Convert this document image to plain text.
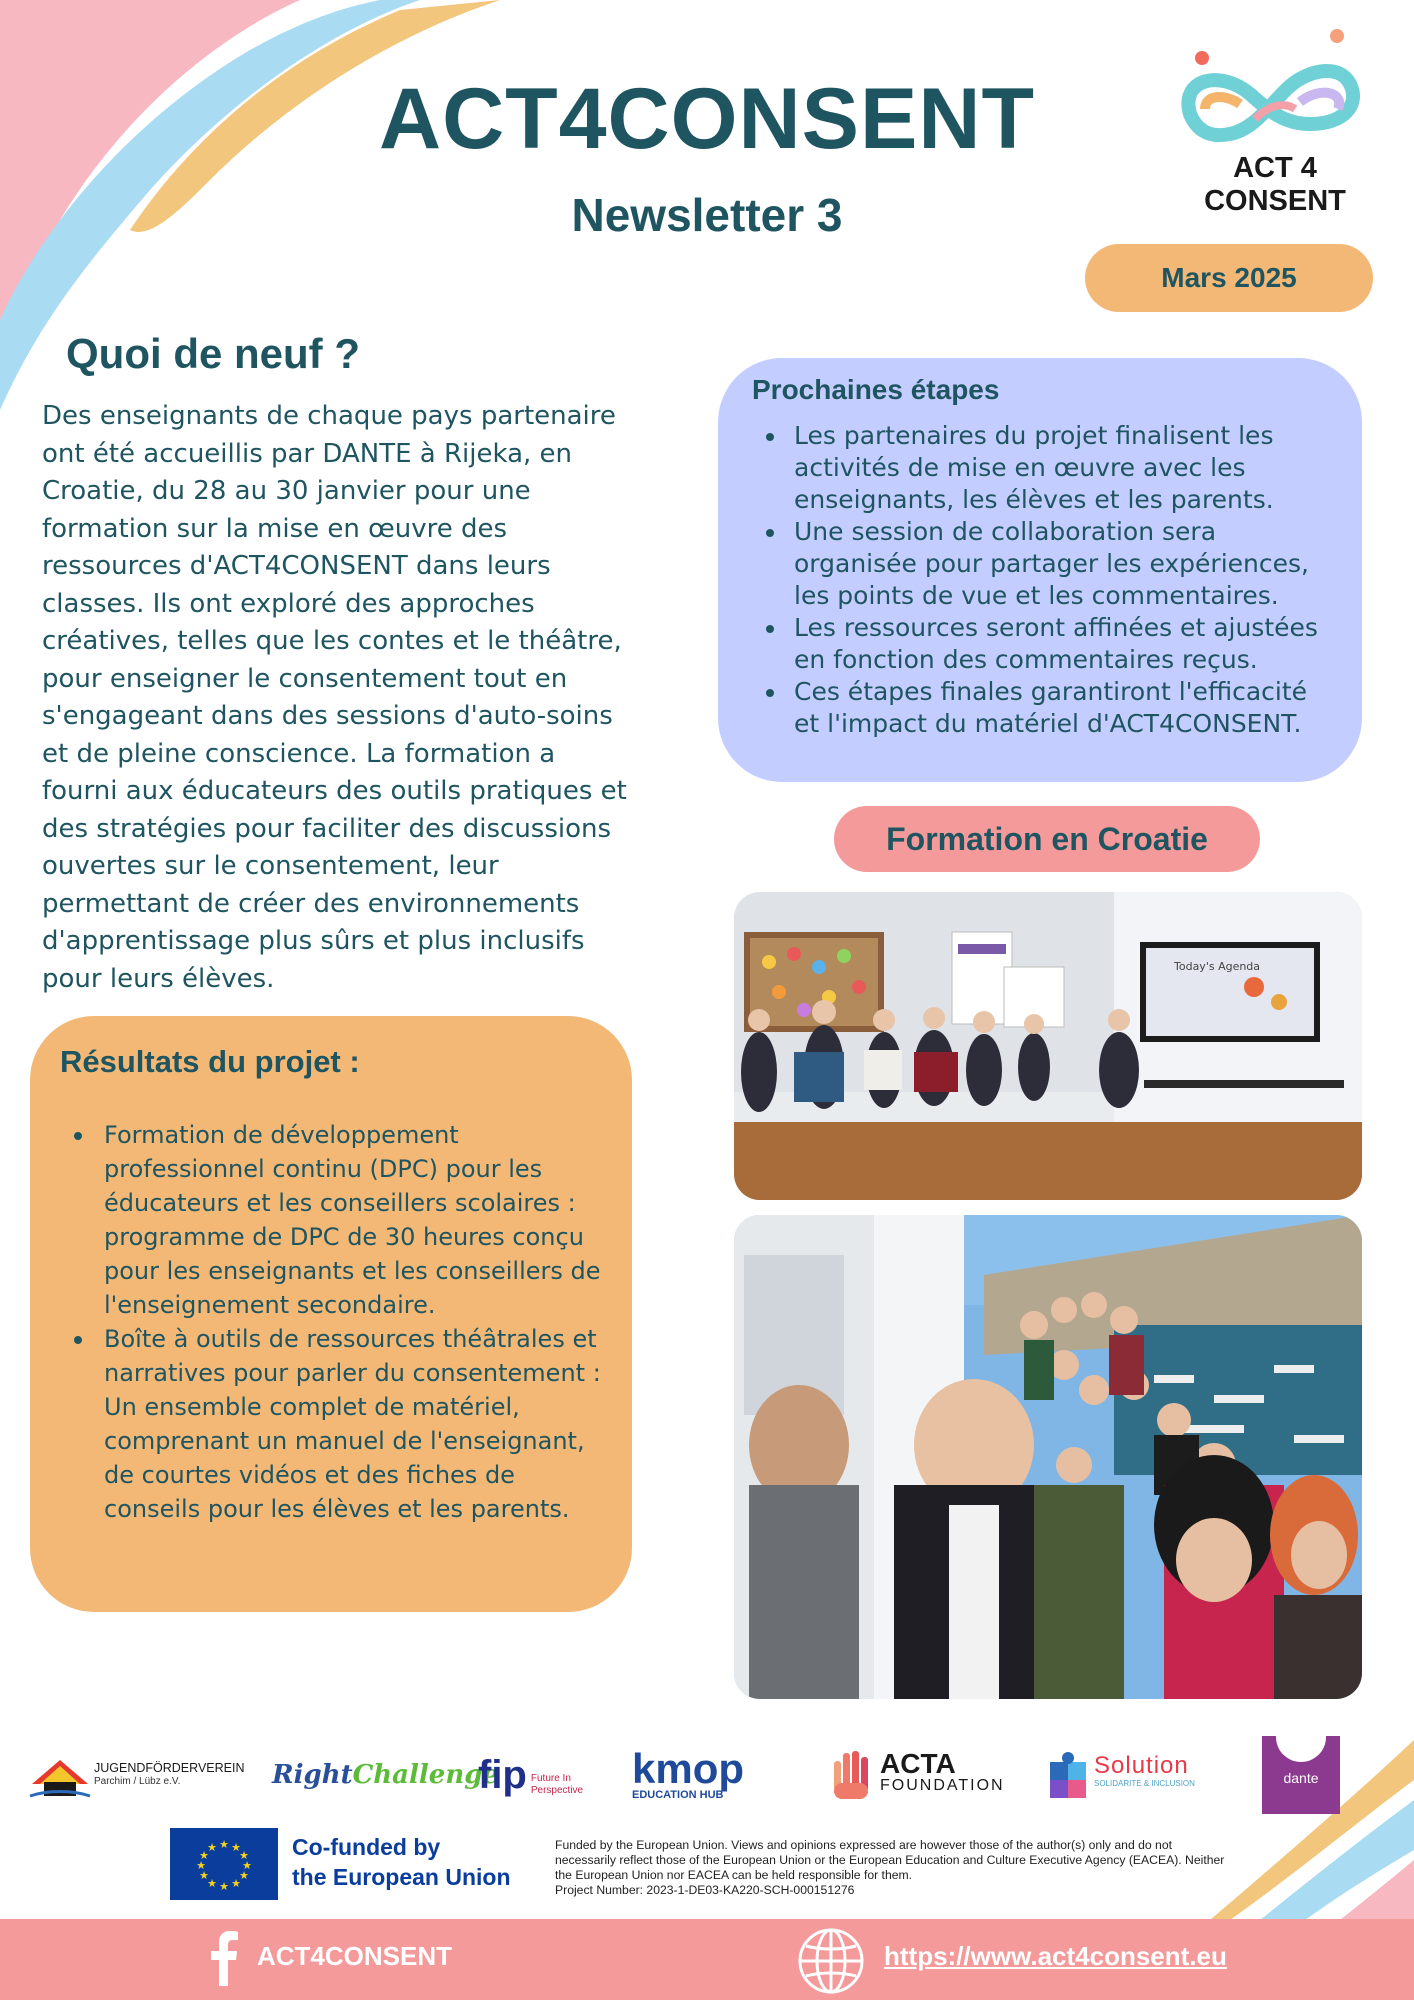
ACT4CONSENT
Newsletter 3
ACT 4 CONSENT
Mars 2025
Quoi de neuf ?
Des enseignants de chaque pays partenaire ont été accueillis par DANTE à Rijeka, en Croatie, du 28 au 30 janvier pour une formation sur la mise en œuvre des ressources d'ACT4CONSENT dans leurs classes. Ils ont exploré des approches créatives, telles que les contes et le théâtre, pour enseigner le consentement tout en s'engageant dans des sessions d'auto-soins et de pleine conscience. La formation a fourni aux éducateurs des outils pratiques et des stratégies pour faciliter des discussions ouvertes sur le consentement, leur permettant de créer des environnements d'apprentissage plus sûrs et plus inclusifs pour leurs élèves.
Résultats du projet :
Formation de développement professionnel continu (DPC) pour les éducateurs et les conseillers scolaires : programme de DPC de 30 heures conçu pour les enseignants et les conseillers de l'enseignement secondaire.
Boîte à outils de ressources théâtrales et narratives pour parler du consentement : Un ensemble complet de matériel, comprenant un manuel de l'enseignant, de courtes vidéos et des fiches de conseils pour les élèves et les parents.
Prochaines étapes
Les partenaires du projet finalisent les activités de mise en œuvre avec les enseignants, les élèves et les parents.
Une session de collaboration sera organisée pour partager les expériences, les points de vue et les commentaires.
Les ressources seront affinées et ajustées en fonction des commentaires reçus.
Ces étapes finales garantiront l'efficacité et l'impact du matériel d'ACT4CONSENT.
Formation en Croatie
Today's Agenda
JUGENDFÖRDERVEREIN
Parchim / Lübz e.V.	Right Challenge
fip Future In
Perspective kmop
EDUCATION HUB
ACTA
FOUNDATION
Solution
SOLIDARITE & INCLUSION	dante
★ ★
★
★
★
★
★
★
★
★
★
★	Co-funded by
the European Union
Funded by the European Union. Views and opinions expressed are however those of the author(s) only and do not necessarily reflect those of the European Union or the European Education and Culture Executive Agency (EACEA). Neither the European Union nor EACEA can be held responsible for them.
Project Number: 2023-1-DE03-KA220-SCH-000151276
ACT4CONSENT	https://www.act4consent.eu
